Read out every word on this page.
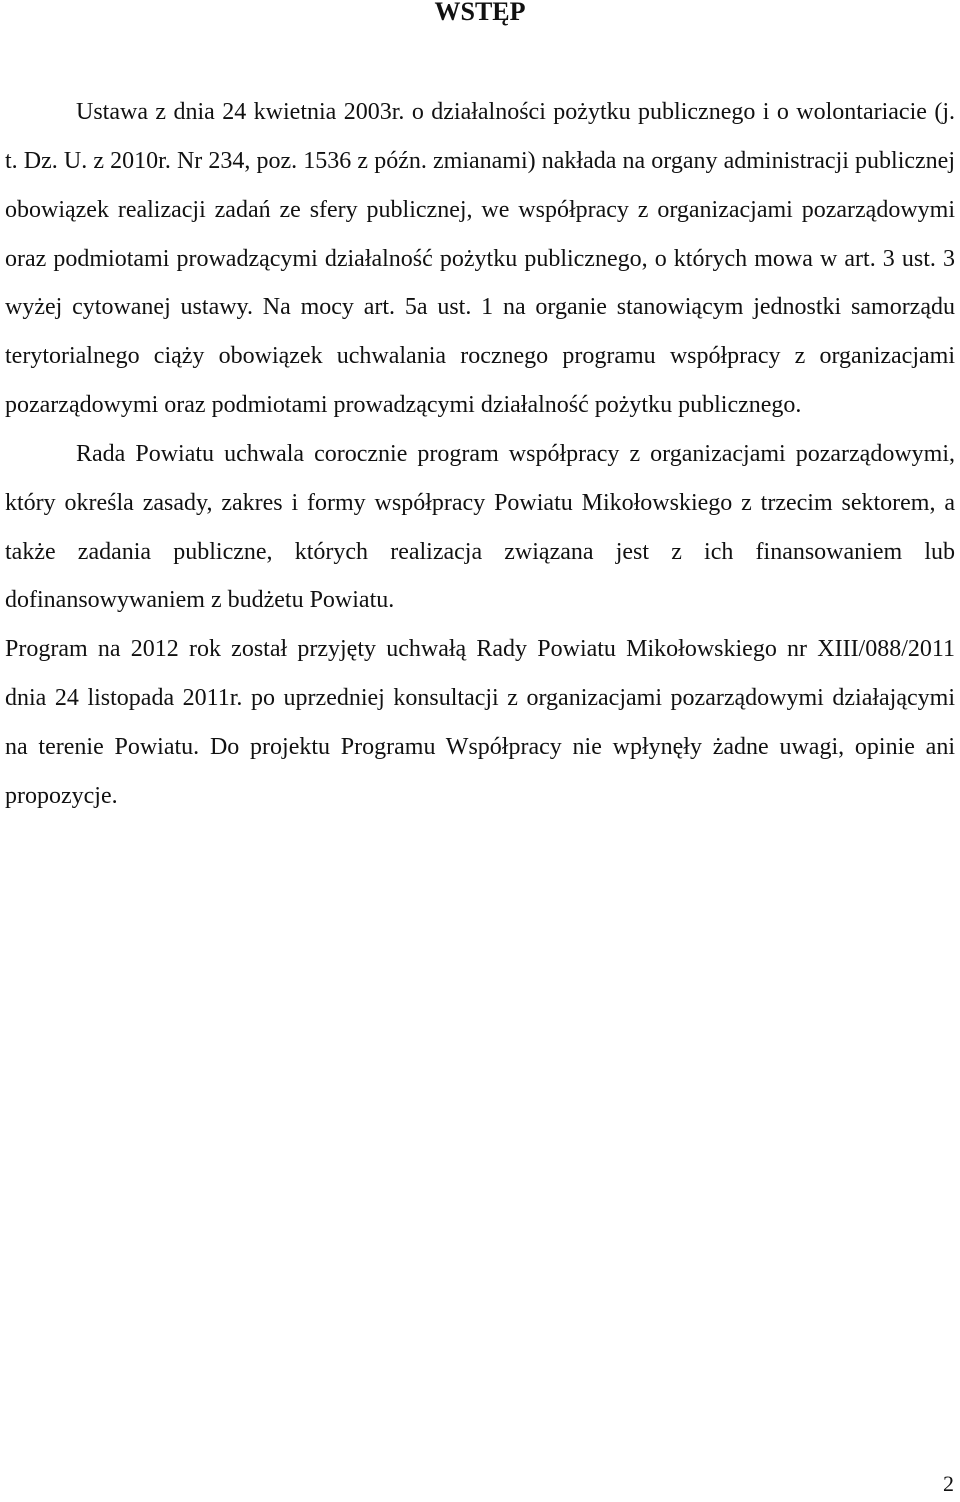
WSTĘP

Ustawa z dnia 24 kwietnia 2003r. o działalności pożytku publicznego i o wolontariacie (j. t. Dz. U. z 2010r. Nr 234, poz. 1536 z późn. zmianami) nakłada na organy administracji publicznej obowiązek realizacji zadań ze sfery publicznej, we współpracy z organizacjami pozarządowymi oraz podmiotami prowadzącymi działalność pożytku publicznego, o których mowa w art. 3 ust. 3 wyżej cytowanej ustawy. Na mocy art. 5a ust. 1 na organie stanowiącym jednostki samorządu terytorialnego ciąży obowiązek uchwalania rocznego programu współpracy z organizacjami pozarządowymi oraz podmiotami prowadzącymi działalność pożytku publicznego.

Rada Powiatu uchwala corocznie program współpracy z organizacjami pozarządowymi, który określa zasady, zakres i formy współpracy Powiatu Mikołowskiego z trzecim sektorem, a także zadania publiczne, których realizacja związana jest z ich finansowaniem lub dofinansowywaniem z budżetu Powiatu.

Program na 2012 rok został przyjęty uchwałą Rady Powiatu Mikołowskiego nr XIII/088/2011 dnia 24 listopada 2011r. po uprzedniej konsultacji z organizacjami pozarządowymi działającymi na terenie Powiatu. Do projektu Programu Współpracy nie wpłynęły żadne uwagi, opinie ani propozycje.

2
